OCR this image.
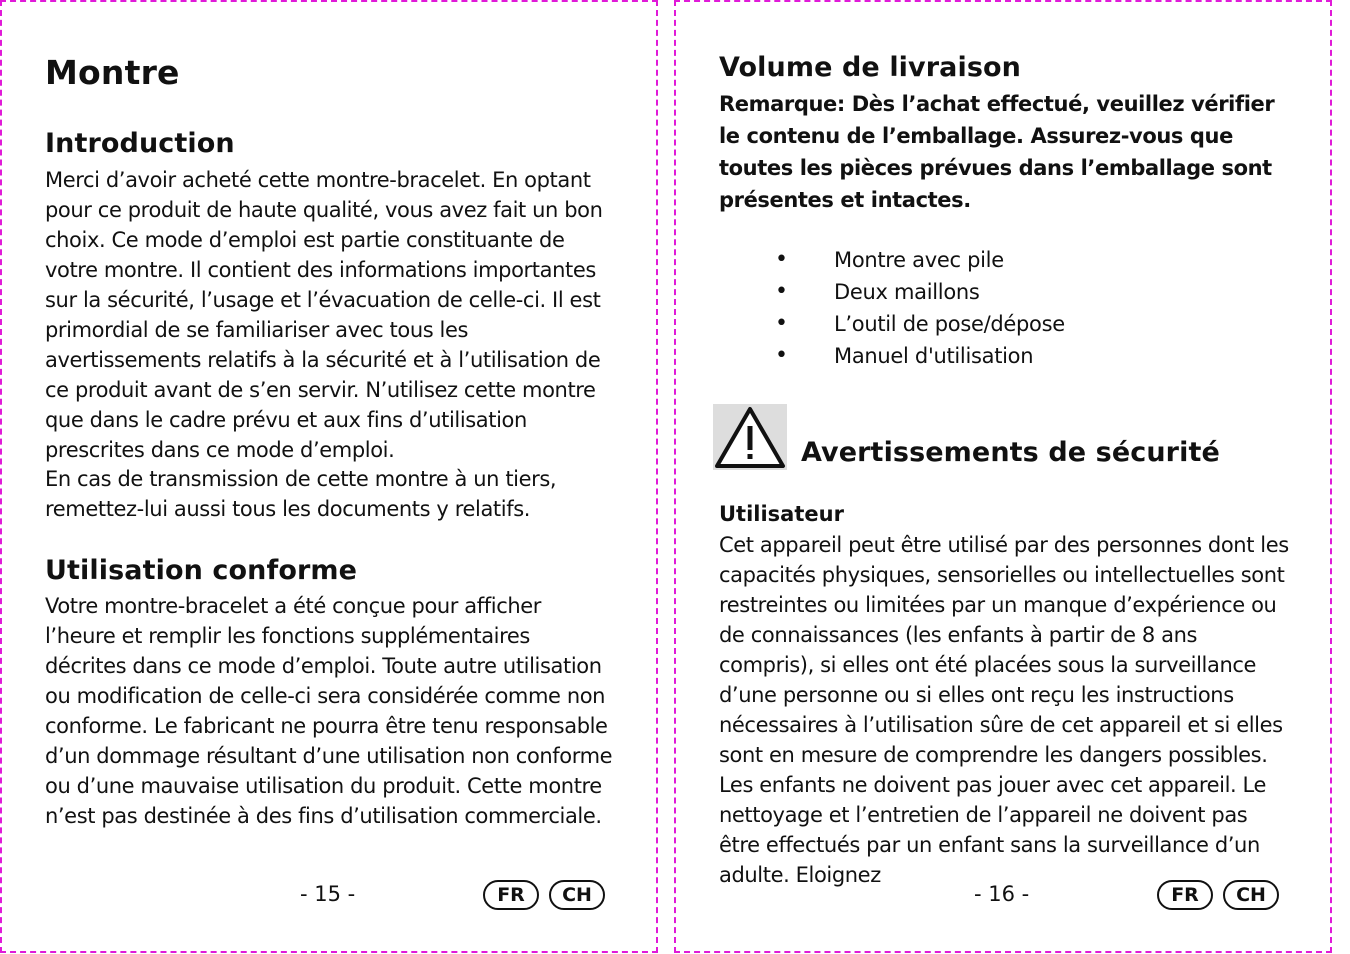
Montre
Introduction

Merci d’avoir acheté cette montre-bracelet. En optant pour ce produit de haute qualité, vous avez fait un bon choix. Ce mode d’emploi est partie constituante de votre montre. Il contient des informations importantes sur la sécurité, l’usage et l’évacuation de celle-ci. Il est primordial de se familiariser avec tous les avertissements relatifs à la sécurité et à l’utilisation de ce produit avant de s’en servir. N’utilisez cette montre que dans le cadre prévu et aux fins d’utilisation prescrites dans ce mode d’emploi.

En cas de transmission de cette montre à un tiers, remettez-lui aussi tous les documents y relatifs.

Utilisation conforme

Votre montre-bracelet a été conçue pour afficher l’heure et remplir les fonctions supplémentaires décrites dans ce mode d’emploi. Toute autre utilisation ou modification de celle-ci sera considérée comme non conforme. Le fabricant ne pourra être tenu responsable d’un dommage résultant d’une utilisation non conforme ou d’une mauvaise utilisation du produit. Cette montre n’est pas destinée à des fins d’utilisation commerciale.

- 15 -	FR	CH
Volume de livraison

Remarque: Dès l’achat effectué, veuillez vérifier le contenu de l’emballage. Assurez-vous que toutes les pièces prévues dans l’emballage sont présentes et intactes.

• Montre avec pile
• Deux maillons
• L’outil de pose/dépose
• Manuel d'utilisation
Avertissements de sécurité
Utilisateur

Cet appareil peut être utilisé par des personnes dont les capacités physiques, sensorielles ou intellectuelles sont restreintes ou limitées par un manque d’expérience ou de connaissances (les enfants à partir de 8 ans compris), si elles ont été placées sous la surveillance d’une personne ou si elles ont reçu les instructions nécessaires à l’utilisation sûre de cet appareil et si elles sont en mesure de comprendre les dangers possibles. Les enfants ne doivent pas jouer avec cet appareil. Le nettoyage et l’entretien de l’appareil ne doivent pas être effectués par un enfant sans la surveillance d’un adulte. Eloignez

- 16 -	FR	CH
